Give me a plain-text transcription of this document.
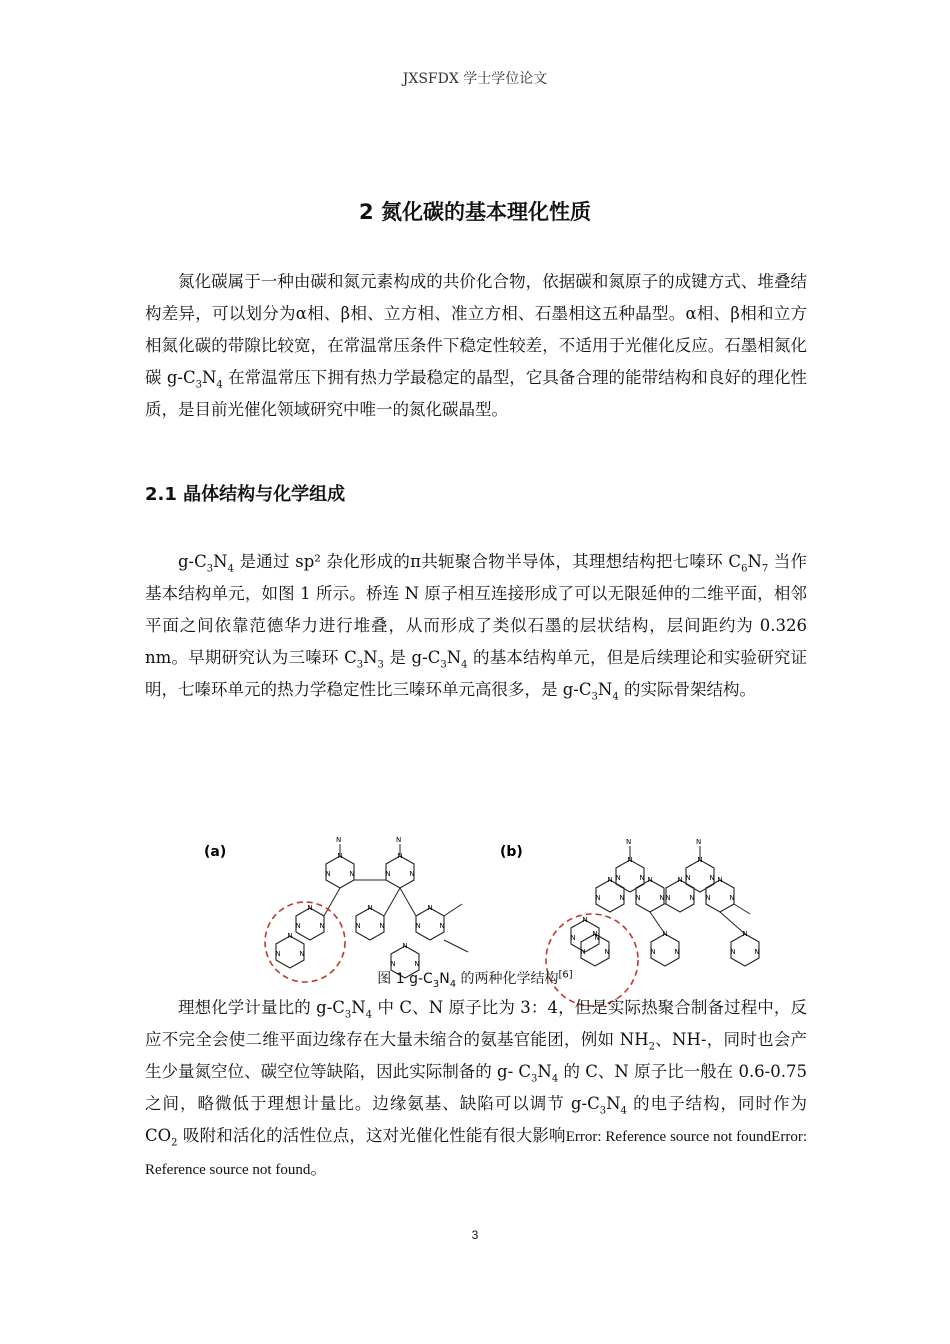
JXSFDX 学士学位论文
2 氮化碳的基本理化性质

氮化碳属于一种由碳和氮元素构成的共价化合物，依据碳和氮原子的成键方式、堆叠结构差异，可以划分为α相、β相、立方相、准立方相、石墨相这五种晶型。α相、β相和立方相氮化碳的带隙比较宽，在常温常压条件下稳定性较差，不适用于光催化反应。石墨相氮化碳 $g-C_3N_4$ 在常温常压下拥有热力学最稳定的晶型，它具备合理的能带结构和良好的理化性质，是目前光催化领域研究中唯一的氮化碳晶型。

2.1 晶体结构与化学组成

$g-C_3N_4$ 是通过 sp² 杂化形成的π共轭聚合物半导体，其理想结构把七嗪环 $C_6N_7$ 当作基本结构单元，如图 1 所示。桥连 N 原子相互连接形成了可以无限延伸的二维平面，相邻平面之间依靠范德华力进行堆叠，从而形成了类似石墨的层状结构，层间距约为 0.326 nm。早期研究认为三嗪环 $C_3N_3$ 是 $g-C_3N_4$ 的基本结构单元，但是后续理论和实验研究证明，七嗪环单元的热力学稳定性比三嗪环单元高很多，是 $g-C_3N_4$ 的实际骨架结构。

N
N
N
(a)
N	N
(b)
N	N
图 1 $g-C_3N_4$ 的两种化学结构[6]

理想化学计量比的 $g-C_3N_4$ 中 C、N 原子比为 3：4，但是实际热聚合制备过程中，反应不完全会使二维平面边缘存在大量未缩合的氨基官能团，例如 $NH_2$、NH-，同时也会产生少量氮空位、碳空位等缺陷，因此实际制备的 g- $C_3N_4$ 的 C、N 原子比一般在 0.6-0.75 之间，略微低于理想计量比。边缘氨基、缺陷可以调节 $g-C_3N_4$ 的电子结构，同时作为 $CO_2$ 吸附和活化的活性位点，这对光催化性能有很大影响Error: Reference source not foundError: Reference source not found。

3
